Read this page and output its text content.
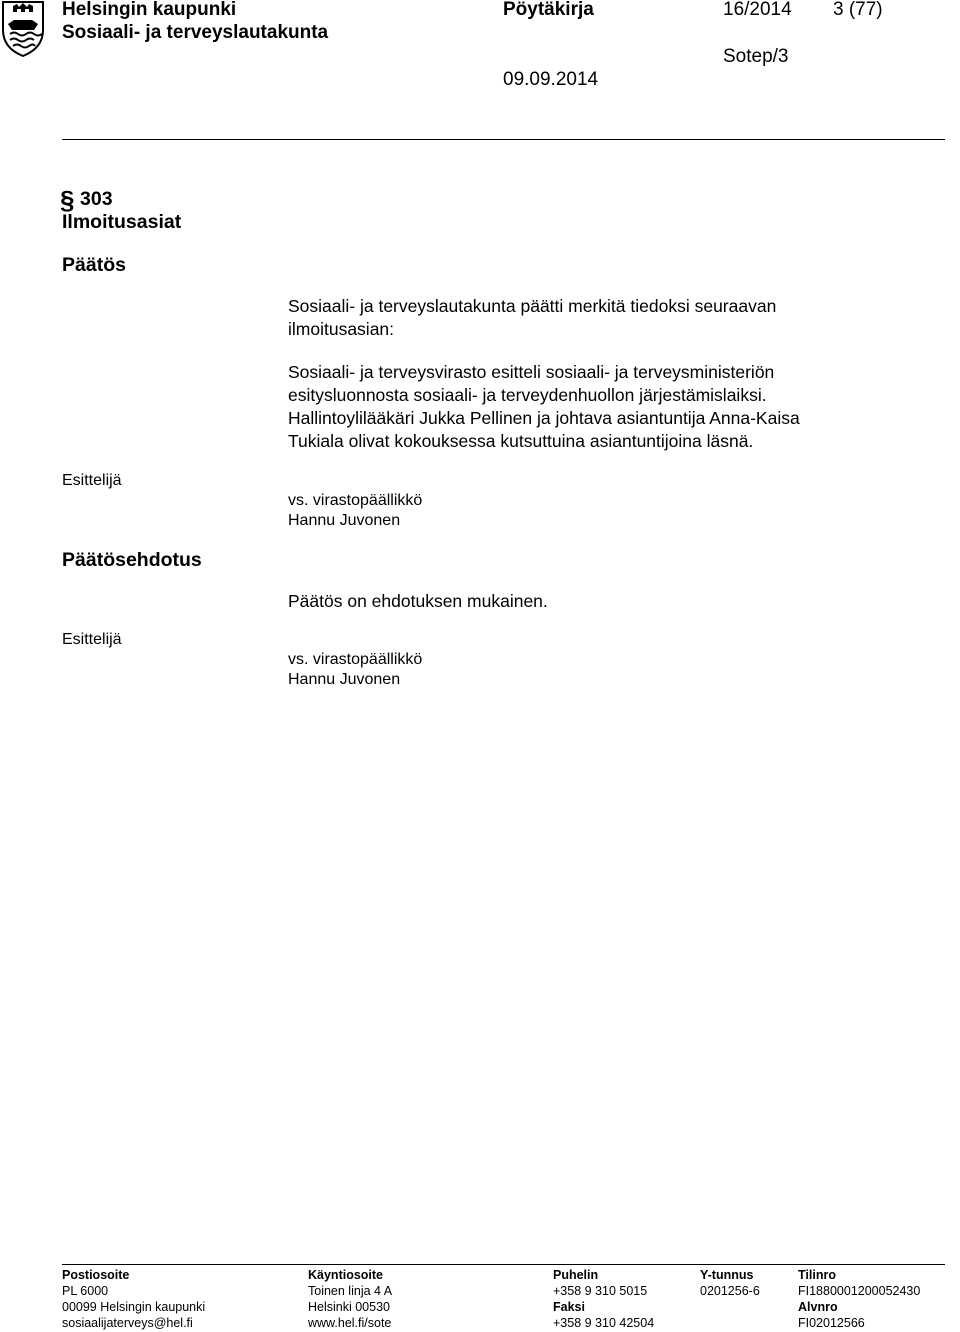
Helsingin kaupunki	Pöytäkirja	16/2014 3 (77)
Sosiaali- ja terveyslautakunta
Sotep/3
09.09.2014
§ 303
Ilmoitusasiat
Päätös
Sosiaali- ja terveyslautakunta päätti merkitä tiedoksi seuraavan
ilmoitusasian:
Sosiaali- ja terveysvirasto esitteli sosiaali- ja terveysministeriön
esitysluonnosta sosiaali- ja terveydenhuollon järjestämislaiksi.
Hallintoylilääkäri Jukka Pellinen ja johtava asiantuntija Anna-Kaisa
Tukiala olivat kokouksessa kutsuttuina asiantuntijoina läsnä.
Esittelijä
vs. virastopäällikkö
Hannu Juvonen
Päätösehdotus
Päätös on ehdotuksen mukainen.
Esittelijä
vs. virastopäällikkö
Hannu Juvonen
Postiosoite
PL 6000
00099 Helsingin kaupunki
sosiaalijaterveys@hel.fi
Käyntiosoite
Toinen linja 4 A
Helsinki 00530
www.hel.fi/sote
Puhelin
+358 9 310 5015
Faksi
+358 9 310 42504
Y-tunnus
0201256-6
Tilinro
FI1880001200052430
Alvnro
FI02012566
